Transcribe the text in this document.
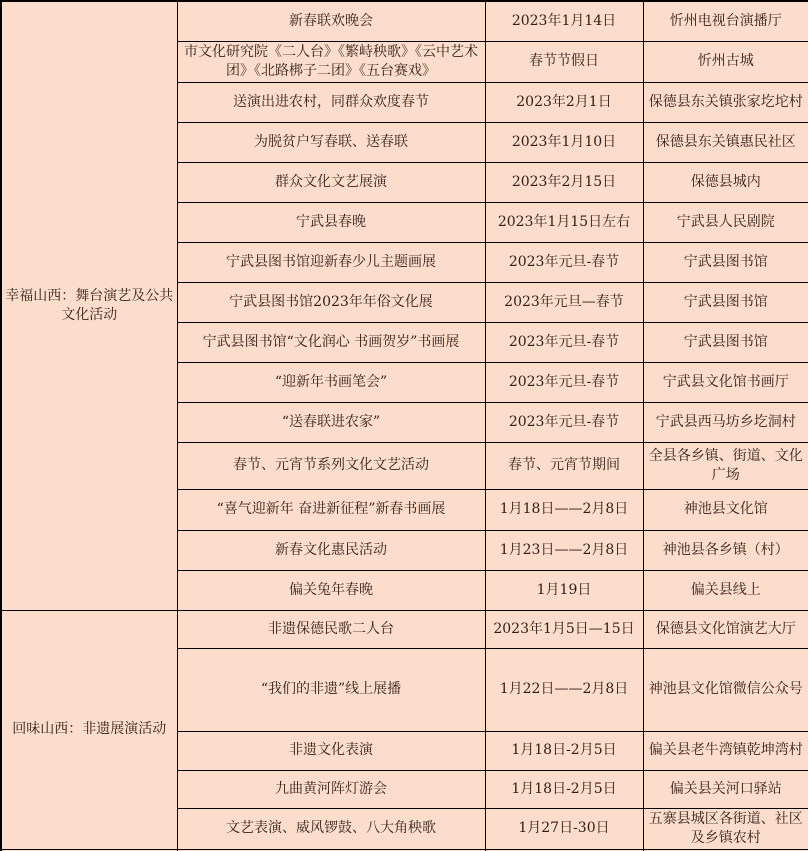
幸福山西：舞台演艺及公共文化活动	新春联欢晚会	2023年1月14日	忻州电视台演播厅
	市文化研究院《二人台》《繁峙秧歌》《云中艺术团》《北路梆子二团》《五台赛戏》	春节节假日	忻州古城
	送演出进农村，同群众欢度春节	2023年2月1日	保德县东关镇张家圪坨村
	为脱贫户写春联、送春联	2023年1月10日	保德县东关镇惠民社区
	群众文化文艺展演	2023年2月15日	保德县城内
	宁武县春晚	2023年1月15日左右	宁武县人民剧院
	宁武县图书馆迎新春少儿主题画展	2023年元旦-春节	宁武县图书馆
	宁武县图书馆2023年年俗文化展	2023年元旦—春节	宁武县图书馆
	宁武县图书馆“文化润心 书画贺岁”书画展	2023年元旦-春节	宁武县图书馆
	“迎新年书画笔会”	2023年元旦-春节	宁武县文化馆书画厅
	“送春联进农家”	2023年元旦-春节	宁武县西马坊乡圪洞村
	春节、元宵节系列文化文艺活动	春节、元宵节期间	全县各乡镇、街道、文化广场
	“喜气迎新年 奋进新征程”新春书画展	1月18日——2月8日	神池县文化馆
	新春文化惠民活动	1月23日——2月8日	神池县各乡镇（村）
	偏关兔年春晚	1月19日	偏关县线上
回味山西：非遗展演活动	非遗保德民歌二人台	2023年1月5日—15日	保德县文化馆演艺大厅
	“我们的非遗”线上展播	1月22日——2月8日	神池县文化馆微信公众号
	非遗文化表演	1月18日-2月5日	偏关县老牛湾镇乾坤湾村
	九曲黄河阵灯游会	1月18日-2月5日	偏关县关河口驿站
	文艺表演、威风锣鼓、八大角秧歌	1月27日-30日	五寨县城区各街道、社区及乡镇农村
